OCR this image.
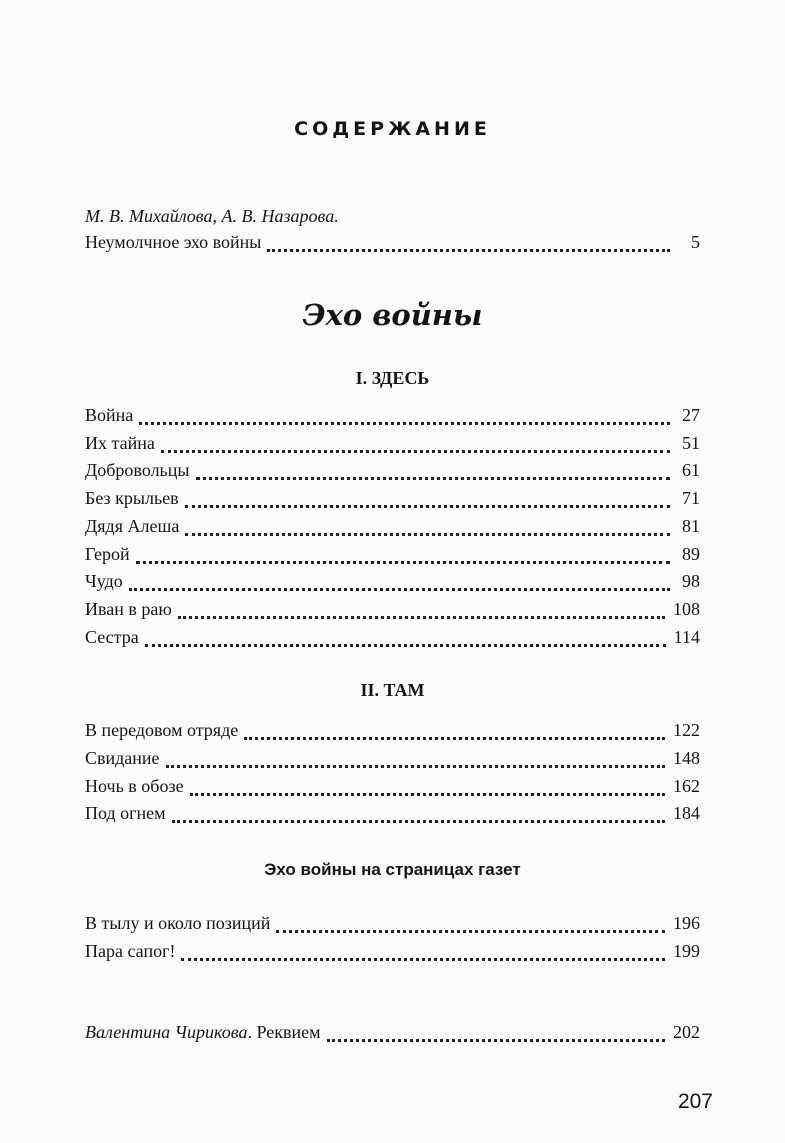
СОДЕРЖАНИЕ
М. В. Михайлова, А. В. Назарова.
Неумолчное эхо войны	5
Эхо войны
I. ЗДЕСЬ
Война	27
Их тайна	51
Добровольцы	61
Без крыльев	71
Дядя Алеша	81
Герой	89
Чудо	98
Иван в раю	108
Сестра	114
II. ТАМ
В передовом отряде	122
Свидание	148
Ночь в обозе	162
Под огнем	184
Эхо войны на страницах газет
В тылу и около позиций	196
Пара сапог!	199
Валентина Чирикова. Реквием	202
207
